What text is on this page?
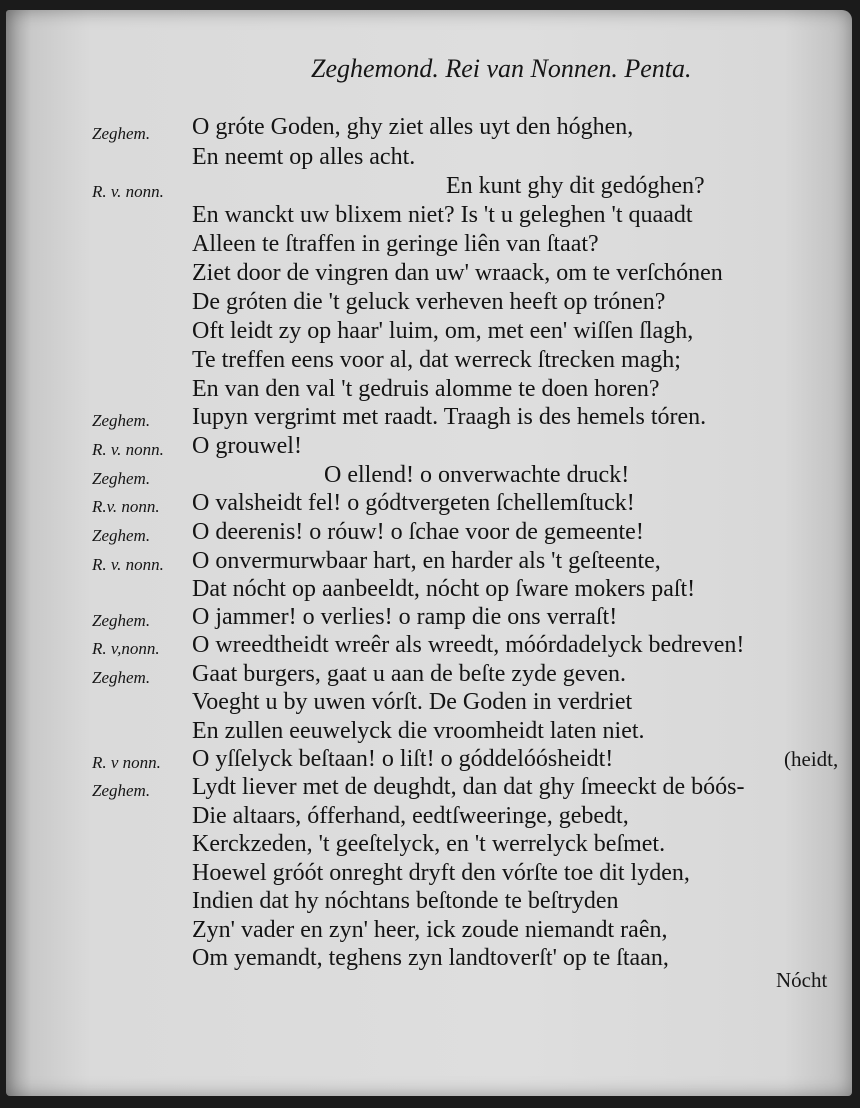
Zeghemond. Rei van Nonnen. Penta.
Zeghem. O gróte Goden, ghy ziet alles uyt den hóghen,
En neemt op alles acht.
R. v. nonn.	En kunt ghy dit gedóghen?
En wanckt uw blixem niet? Is 't u geleghen 't quaadt
Alleen te ſtraffen in geringe liên van ſtaat?
Ziet door de vingren dan uw' wraack, om te verſchónen
De gróten die 't geluck verheven heeft op trónen?
Oft leidt zy op haar' luim, om, met een' wiſſen ſlagh,
Te treffen eens voor al, dat werreck ſtrecken magh;
En van den val 't gedruis alomme te doen horen?
Zeghem. Iupyn vergrimt met raadt. Traagh is des hemels tóren.
R. v. nonn. O grouwel!
Zeghem.	O ellend! o onverwachte druck!
R.v. nonn. O valsheidt fel! o gódtvergeten ſchellemſtuck!
Zeghem. O deerenis! o róuw! o ſchae voor de gemeente!
R. v. nonn. O onvermurwbaar hart, en harder als 't geſteente,
Dat nócht op aanbeeldt, nócht op ſware mokers paſt!
Zeghem. O jammer! o verlies! o ramp die ons verraſt!
R. v,nonn. O wreedtheidt wreêr als wreedt, móórdadelyck bedreven!
Zeghem. Gaat burgers, gaat u aan de beſte zyde geven.
Voeght u by uwen vórſt. De Goden in verdriet
En zullen eeuwelyck die vroomheidt laten niet.
R. v nonn. O yſſelyck beſtaan! o liſt! o góddelóósheidt!	(heidt,
Zeghem. Lydt liever met de deughdt, dan dat ghy ſmeeckt de bóós-
Die altaars, ófferhand, eedtſweeringe, gebedt,
Kerckzeden, 't geeſtelyck, en 't werrelyck beſmet.
Hoewel gróót onreght dryft den vórſte toe dit lyden,
Indien dat hy nóchtans beſtonde te beſtryden
Zyn' vader en zyn' heer, ick zoude niemandt raên,
Om yemandt, teghens zyn landtoverſt' op te ſtaan,
Nócht
